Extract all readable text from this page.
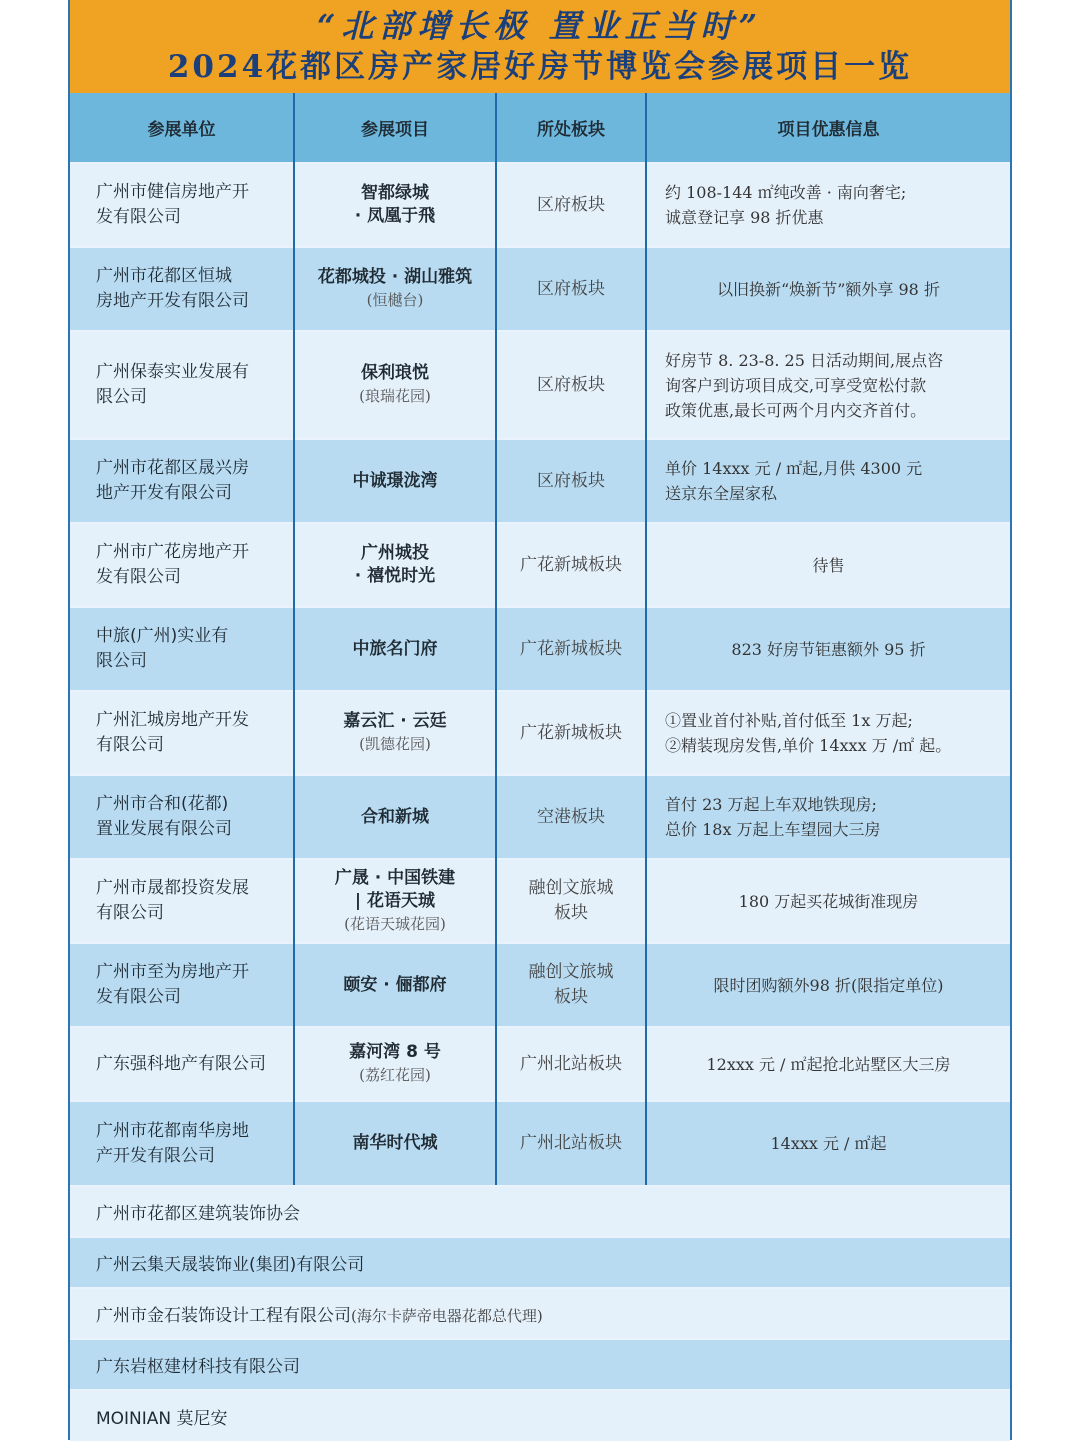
“北部增长极 置业正当时”
2024花都区房产家居好房节博览会参展项目一览
参展单位	参展项目	所处板块	项目优惠信息

广州市健信房地产开
发有限公司	智都绿城
· 凤凰于飛	区府板块	约 108-144 ㎡纯改善 · 南向奢宅;
诚意登记享 98 折优惠

广州市花都区恒城
房地产开发有限公司	花都城投 · 湖山雅筑
(恒樾台)	区府板块	以旧换新“焕新节”额外享 98 折

广州保泰实业发展有
限公司	保利琅悦
(琅瑞花园)	区府板块	好房节 8. 23-8. 25 日活动期间,展点咨
询客户到访项目成交,可享受宽松付款
政策优惠,最长可两个月内交齐首付。

广州市花都区晟兴房
地产开发有限公司	中诚璟泷湾	区府板块	单价 14xxx 元 / ㎡起,月供 4300 元
送京东全屋家私

广州市广花房地产开
发有限公司	广州城投
· 禧悦时光	广花新城板块	待售

中旅(广州)实业有
限公司	中旅名门府	广花新城板块	823 好房节钜惠额外 95 折

广州汇城房地产开发
有限公司	嘉云汇 · 云廷
(凯德花园)	广花新城板块	①置业首付补贴,首付低至 1x 万起;
②精装现房发售,单价 14xxx 万 /㎡ 起。

广州市合和(花都)
置业发展有限公司	合和新城	空港板块	首付 23 万起上车双地铁现房;
总价 18x 万起上车望园大三房

广州市晟都投资发展
有限公司	广晟 · 中国铁建
| 花语天珹
(花语天珹花园)	融创文旅城
板块	180 万起买花城街准现房

广州市至为房地产开
发有限公司	颐安 · 俪都府	融创文旅城
板块	限时团购额外98 折(限指定单位)

广东强科地产有限公司	嘉河湾 8 号
(荔红花园)	广州北站板块	12xxx 元 / ㎡起抢北站墅区大三房

广州市花都南华房地
产开发有限公司	南华时代城	广州北站板块	14xxx 元 / ㎡起
广州市花都区建筑装饰协会
广州云集天晟装饰业(集团)有限公司
广州市金石装饰设计工程有限公司(海尔卡萨帝电器花都总代理)
广东岩枢建材科技有限公司
MOINIAN 莫尼安
